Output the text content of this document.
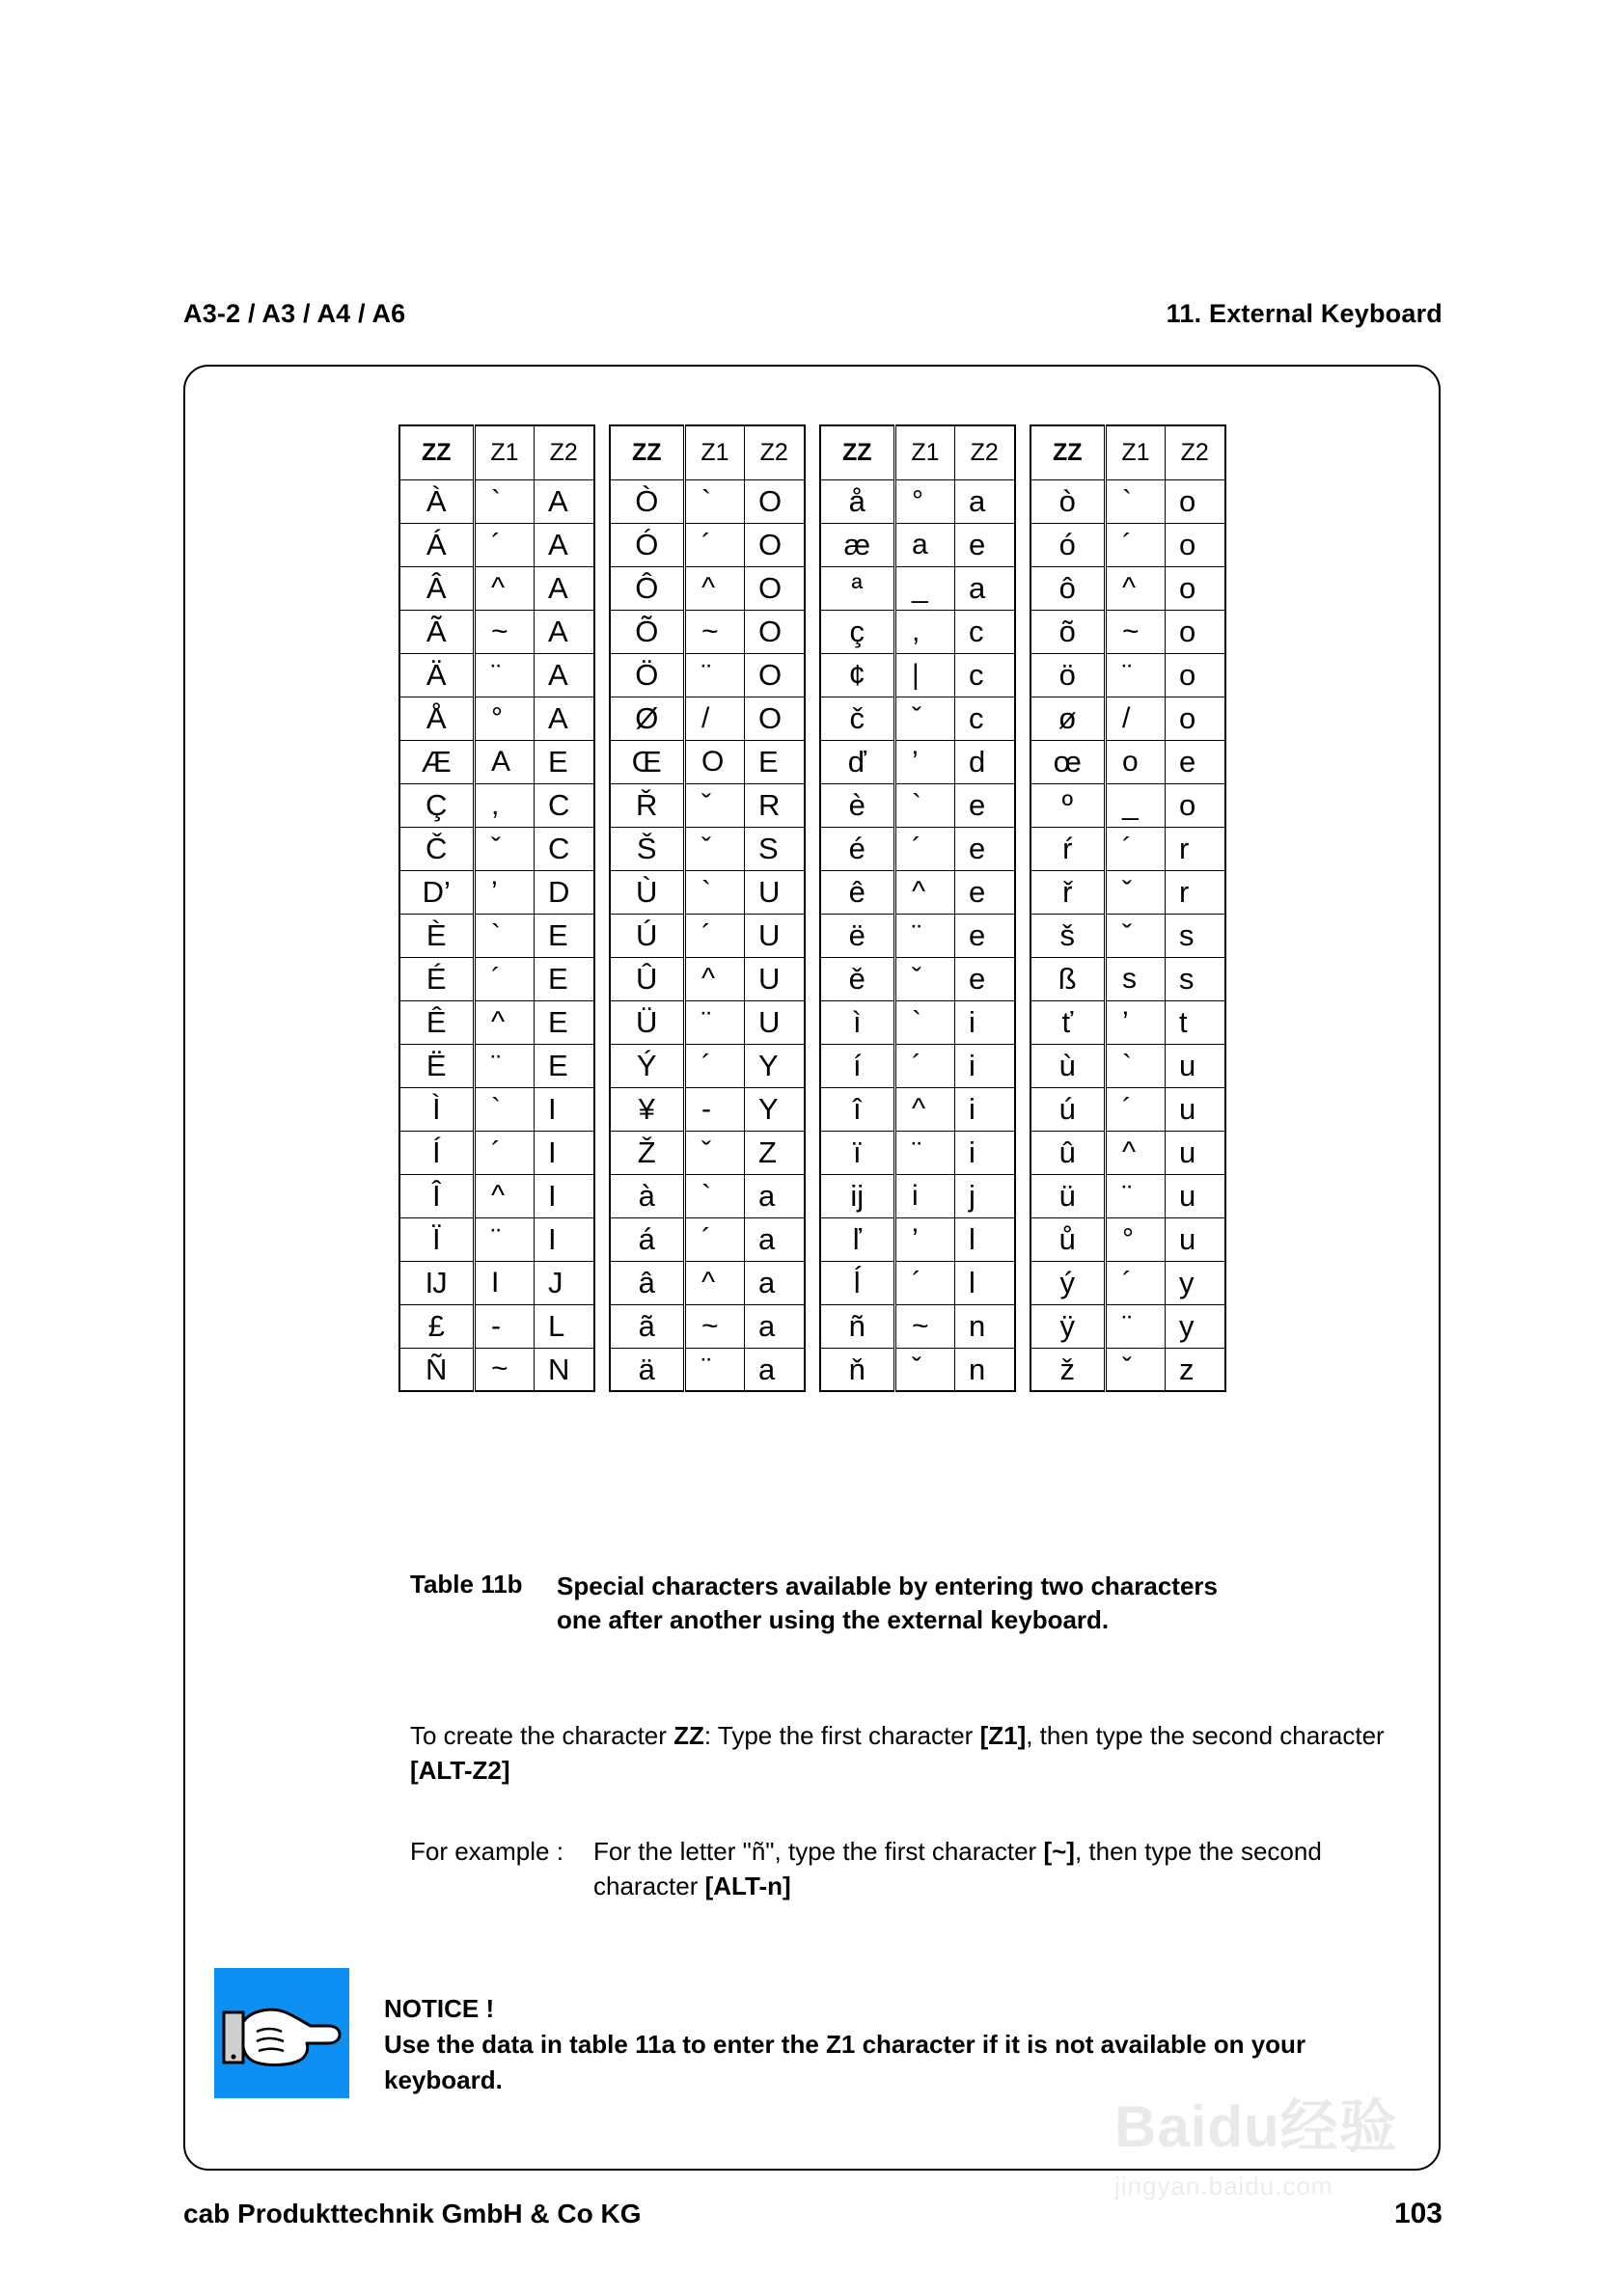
A3-2 / A3 / A4 / A6	11. External Keyboard
ZZ	Z1	Z2
À	`	A
Á	´	A
Â	^	A
Ã	~	A
Ä	¨	A
Å	°	A
Æ	A	E
Ç	,	C
Č	ˇ	C
D’	’	D
È	`	E
É	´	E
Ê	^	E
Ë	¨	E
Ì	`	I
Í	´	I
Î	^	I
Ï	¨	I
Ĳ	I	J
£	-	L
Ñ	~	N
ZZ	Z1	Z2
Ò	`	O
Ó	´	O
Ô	^	O
Õ	~	O
Ö	¨	O
Ø	/	O
Œ	O	E
Ř	ˇ	R
Š	ˇ	S
Ù	`	U
Ú	´	U
Û	^	U
Ü	¨	U
Ý	´	Y
¥	-	Y
Ž	ˇ	Z
à	`	a
á	´	a
â	^	a
ã	~	a
ä	¨	a
ZZ	Z1	Z2
å	°	a
æ	a	e
ª	_	a
ç	,	c
¢	|	c
č	ˇ	c
ď	’	d
è	`	e
é	´	e
ê	^	e
ë	¨	e
ě	ˇ	e
ì	`	i
í	´	i
î	^	i
ï	¨	i
ĳ	i	j
ľ	’	l
ĺ	´	l
ñ	~	n
ň	ˇ	n
ZZ	Z1	Z2
ò	`	o
ó	´	o
ô	^	o
õ	~	o
ö	¨	o
ø	/	o
œ	o	e
º	_	o
ŕ	´	r
ř	ˇ	r
š	ˇ	s
ß	s	s
ť	’	t
ù	`	u
ú	´	u
û	^	u
ü	¨	u
ů	°	u
ý	´	y
ÿ	¨	y
ž	ˇ	z
Table 11b	Special characters available by entering two characters one after another using the external keyboard.
To create the character ZZ: Type the first character [Z1], then type the second character [ALT-Z2]
For example :	For the letter "ñ", type the first character [~], then type the second character [ALT-n]
NOTICE !
Use the data in table 11a to enter the Z1 character if it is not available on your keyboard.
cab Produkttechnik GmbH & Co KG	103
Baidu经验
jingyan.baidu.com
